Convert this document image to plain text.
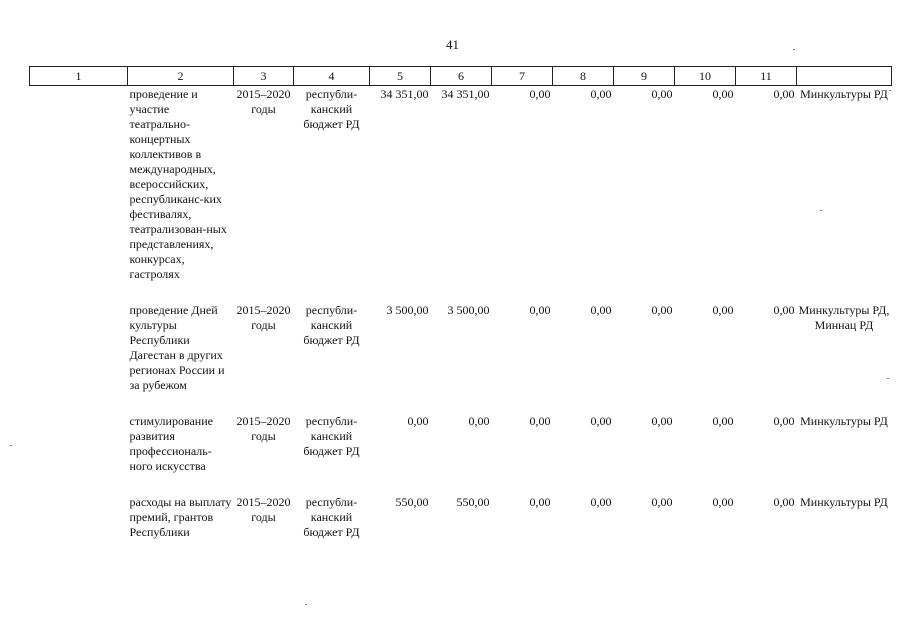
41
1	2	3	4	5	6	7	8	9	10	11	
	проведение и участие театрально-концертных коллективов в международных, всероссийских, республиканс-ких фестивалях, театрализован-ных представлениях, конкурсах, гастролях	2015–2020 годы	республи-канский бюджет РД	34 351,00	34 351,00	0,00	0,00	0,00	0,00	0,00	Минкультуры РД

	проведение Дней культуры Республики Дагестан в других регионах России и за рубежом	2015–2020 годы	республи-канский бюджет РД	3 500,00	3 500,00	0,00	0,00	0,00	0,00	0,00	Минкультуры РД, Миннац РД

	стимулирование развития профессиональ-ного искусства	2015–2020 годы	республи-канский бюджет РД	0,00	0,00	0,00	0,00	0,00	0,00	0,00	Минкультуры РД

	расходы на выплату премий, грантов Республики	2015–2020 годы	республи-канский бюджет РД	550,00	550,00	0,00	0,00	0,00	0,00	0,00	Минкультуры РД
